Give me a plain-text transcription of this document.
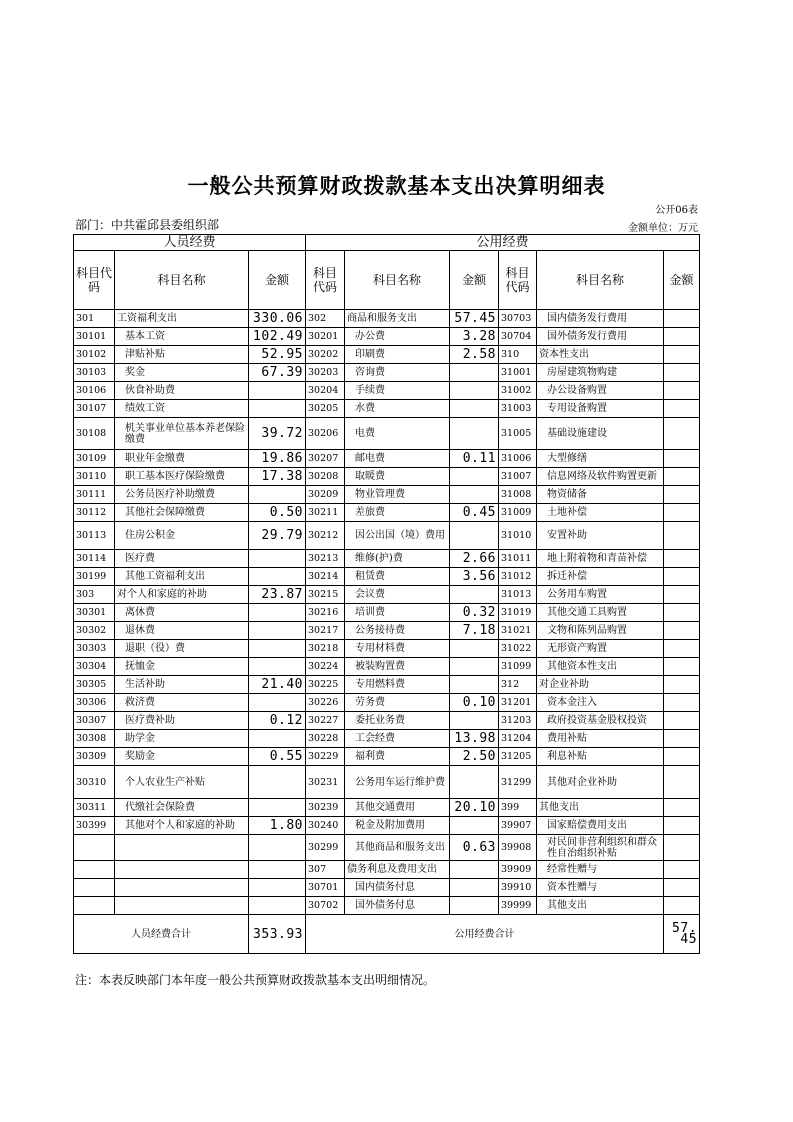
一般公共预算财政拨款基本支出决算明细表
公开06表
部门：中共霍邱县委组织部	金额单位：万元
人员经费			公用经费					
科目代码	科目名称	金额	科目代码	科目名称	金额	科目代码	科目名称	金额
301	工资福利支出	330.06	302	商品和服务支出	57.45	30703	国内债务发行费用	
30101	基本工资	102.49	30201	办公费	3.28	30704	国外债务发行费用	
30102	津贴补贴	52.95	30202	印刷费	2.58	310	资本性支出	
30103	奖金	67.39	30203	咨询费		31001	房屋建筑物购建	
30106	伙食补助费		30204	手续费		31002	办公设备购置	
30107	绩效工资		30205	水费		31003	专用设备购置	
30108	机关事业单位基本养老保险缴费	39.72	30206	电费		31005	基础设施建设	
30109	职业年金缴费	19.86	30207	邮电费	0.11	31006	大型修缮	
30110	职工基本医疗保险缴费	17.38	30208	取暖费		31007	信息网络及软件购置更新	
30111	公务员医疗补助缴费		30209	物业管理费		31008	物资储备	
30112	其他社会保障缴费	0.50	30211	差旅费	0.45	31009	土地补偿	
30113	住房公积金	29.79	30212	因公出国（境）费用		31010	安置补助	
30114	医疗费		30213	维修(护)费	2.66	31011	地上附着物和青苗补偿	
30199	其他工资福利支出		30214	租赁费	3.56	31012	拆迁补偿	
303	对个人和家庭的补助	23.87	30215	会议费		31013	公务用车购置	
30301	离休费		30216	培训费	0.32	31019	其他交通工具购置	
30302	退休费		30217	公务接待费	7.18	31021	文物和陈列品购置	
30303	退职（役）费		30218	专用材料费		31022	无形资产购置	
30304	抚恤金		30224	被装购置费		31099	其他资本性支出	
30305	生活补助	21.40	30225	专用燃料费		312	对企业补助	
30306	救济费		30226	劳务费	0.10	31201	资本金注入	
30307	医疗费补助	0.12	30227	委托业务费		31203	政府投资基金股权投资	
30308	助学金		30228	工会经费	13.98	31204	费用补贴	
30309	奖励金	0.55	30229	福利费	2.50	31205	利息补贴	
30310	个人农业生产补贴		30231	公务用车运行维护费		31299	其他对企业补助	
30311	代缴社会保险费		30239	其他交通费用	20.10	399	其他支出	
30399	其他对个人和家庭的补助	1.80	30240	税金及附加费用		39907	国家赔偿费用支出	
			30299	其他商品和服务支出	0.63	39908	对民间非营利组织和群众性自治组织补贴	
			307	债务利息及费用支出		39909	经常性赠与	
			30701	国内债务付息		39910	资本性赠与	
			30702	国外债务付息		39999	其他支出	
人员经费合计		353.93	公用经费合计					57.45
注：本表反映部门本年度一般公共预算财政拨款基本支出明细情况。
